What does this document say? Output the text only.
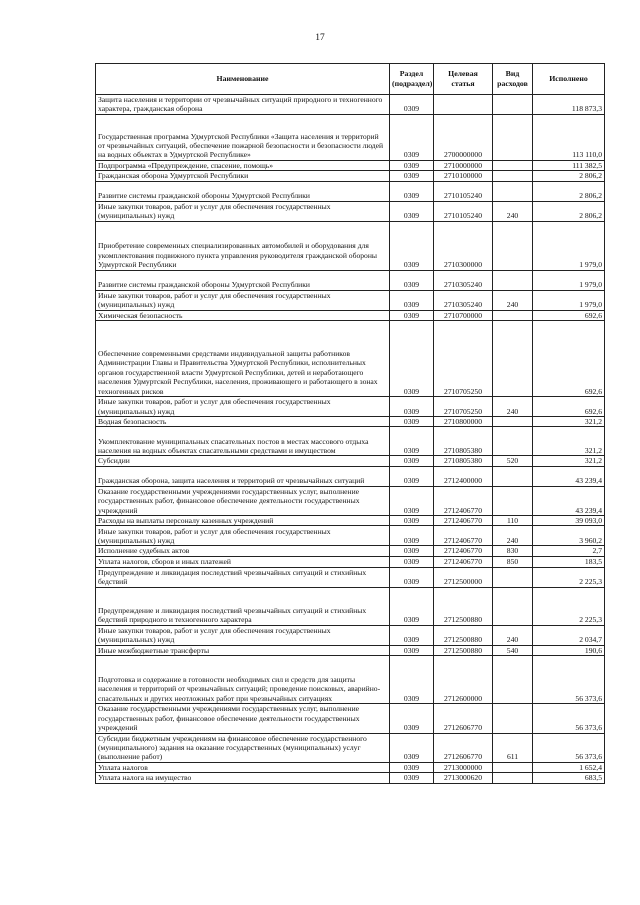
17
Наименование	Раздел (подраздел)	Целевая статья	Вид расходов	Исполнено
Защита населения и территории от чрезвычайных ситуаций природного и техногенного характера, гражданская оборона	0309			118 873,3
Государственная программа Удмуртской Республики «Защита населения и территорий от чрезвычайных ситуаций, обеспечение пожарной безопасности и безопасности людей на водных объектах в Удмуртской Республике»	0309	2700000000		113 110,0
Подпрограмма «Предупреждение, спасение, помощь»	0309	2710000000		111 382,5
Гражданская оборона Удмуртской Республики	0309	2710100000		2 806,2
Развитие системы гражданской обороны Удмуртской Республики	0309	2710105240		2 806,2
Иные закупки товаров, работ и услуг для обеспечения государственных (муниципальных) нужд	0309	2710105240	240	2 806,2
Приобретение современных специализированных автомобилей и оборудования для укомплектования подвижного пункта управления руководителя гражданской обороны Удмуртской Республики	0309	2710300000		1 979,0
Развитие системы гражданской обороны Удмуртской Республики	0309	2710305240		1 979,0
Иные закупки товаров, работ и услуг для обеспечения государственных (муниципальных) нужд	0309	2710305240	240	1 979,0
Химическая безопасность	0309	2710700000		692,6
Обеспечение современными средствами индивидуальной защиты работников Администрации Главы и Правительства Удмуртской Республики, исполнительных органов государственной власти Удмуртской Республики, детей и неработающего населения Удмуртской Республики, населения, проживающего и работающего в зонах техногенных рисков	0309	2710705250		692,6
Иные закупки товаров, работ и услуг для обеспечения государственных (муниципальных) нужд	0309	2710705250	240	692,6
Водная безопасность	0309	2710800000		321,2
Укомплектование муниципальных спасательных постов в местах массового отдыха населения на водных объектах спасательными средствами и имуществом	0309	2710805380		321,2
Субсидии	0309	2710805380	520	321,2
Гражданская оборона, защита населения и территорий от чрезвычайных ситуаций	0309	2712400000		43 239,4
Оказание государственными учреждениями государственных услуг, выполнение государственных работ, финансовое обеспечение деятельности государственных учреждений	0309	2712406770		43 239,4
Расходы на выплаты персоналу казенных учреждений	0309	2712406770	110	39 093,0
Иные закупки товаров, работ и услуг для обеспечения государственных (муниципальных) нужд	0309	2712406770	240	3 960,2
Исполнение судебных актов	0309	2712406770	830	2,7
Уплата налогов, сборов и иных платежей	0309	2712406770	850	183,5
Предупреждение и ликвидация последствий чрезвычайных ситуаций и стихийных бедствий	0309	2712500000		2 225,3
Предупреждение и ликвидация последствий чрезвычайных ситуаций и стихийных бедствий природного и техногенного характера	0309	2712500880		2 225,3
Иные закупки товаров, работ и услуг для обеспечения государственных (муниципальных) нужд	0309	2712500880	240	2 034,7
Иные межбюджетные трансферты	0309	2712500880	540	190,6
Подготовка и содержание в готовности необходимых сил и средств для защиты населения и территорий от чрезвычайных ситуаций; проведение поисковых, аварийно-спасательных и других неотложных работ при чрезвычайных ситуациях	0309	2712600000		56 373,6
Оказание государственными учреждениями государственных услуг, выполнение государственных работ, финансовое обеспечение деятельности государственных учреждений	0309	2712606770		56 373,6
Субсидии бюджетным учреждениям на финансовое обеспечение государственного (муниципального) задания на оказание государственных (муниципальных) услуг (выполнение работ)	0309	2712606770	611	56 373,6
Уплата налогов	0309	2713000000		1 652,4
Уплата налога на имущество	0309	2713000620		683,5
